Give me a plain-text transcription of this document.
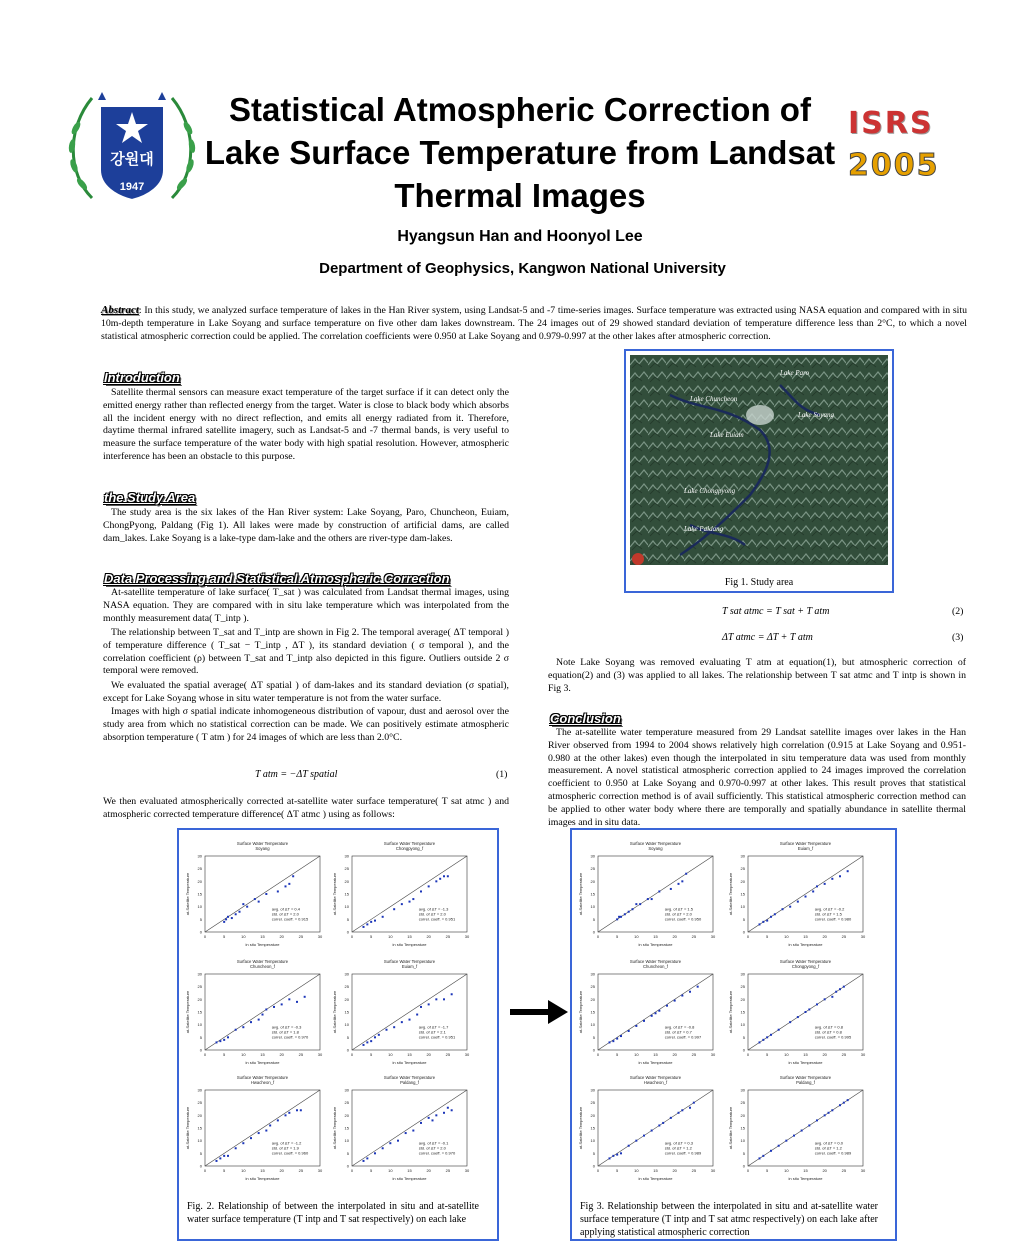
강원대
1947
Statistical Atmospheric Correction of Lake Surface Temperature from Landsat Thermal Images
Hyangsun Han and Hoonyol Lee
Department of Geophysics, Kangwon National University
ISRS
2005
Abstract: In this study, we analyzed surface temperature of lakes in the Han River system, using Landsat-5 and -7 time-series images. Surface temperature was extracted using NASA equation and compared with in situ 10m-depth temperature in Lake Soyang and surface temperature on five other dam lakes downstream. The 24 images out of 29 showed standard deviation of temperature difference less than 2°C, to which a novel statistical atmospheric correction could be applied. The correlation coefficients were 0.950 at Lake Soyang and 0.979-0.997 at the other lakes after atmospheric correction.
Introduction
Satellite thermal sensors can measure exact temperature of the target surface if it can detect only the emitted energy rather than reflected energy from the target. Water is close to black body which absorbs all the incident energy with no direct reflection, and emits all energy radiated from it. Therefore, daytime thermal infrared satellite imagery, such as Landsat-5 and -7 thermal bands, is very useful to measure the surface temperature of the water body with high spatial resolution. However, atmospheric interference has been an obstacle to this purpose.
the Study Area
The study area is the six lakes of the Han River system: Lake Soyang, Paro, Chuncheon, Euiam, ChongPyong, Paldang (Fig 1). All lakes were made by construction of artificial dams, are called dam_lakes. Lake Soyang is a lake-type dam-lake and the others are river-type dam-lakes.
Data Processing and Statistical Atmospheric Correction
At-satellite temperature of lake surface( T_sat ) was calculated from Landsat thermal images, using NASA equation. They are compared with in situ lake temperature which was interpolated from the monthly measurement data( T_intp ).
The relationship between T_sat and T_intp are shown in Fig 2. The temporal average( ΔT temporal ) of temperature difference ( T_sat − T_intp , ΔT ), its standard deviation ( σ temporal ), and the correlation coefficient (ρ) between T_sat and T_intp also depicted in this figure. Outliers outside 2 σ temporal were removed.
We evaluated the spatial average( ΔT spatial ) of dam-lakes and its standard deviation (σ spatial), except for Lake Soyang whose in situ water temperature is not from the water surface.
Images with high σ spatial indicate inhomogeneous distribution of vapour, dust and aerosol over the study area from which no statistical correction can be made. We can positively estimate atmospheric absorption temperature ( T atm ) for 24 images of which are less than 2.0°C.
T atm = −ΔT spatial	(1)
We then evaluated atmospherically corrected at-satellite water surface temperature( T sat atmc ) and atmospheric corrected temperature difference( ΔT atmc ) using as follows:
Lake Paro
Lake Chuncheon
Lake Soyang
Lake Euiam
Lake Chongpyong
Lake Paldang
Fig 1. Study area
T sat atmc = T sat + T atm	(2)
ΔT atmc = ΔT + T atm	(3)
Note Lake Soyang was removed evaluating T atm at equation(1), but atmospheric correction of equation(2) and (3) was applied to all lakes. The relationship between T sat atmc and T intp is shown in Fig 3.
Conclusion
The at-satellite water temperature measured from 29 Landsat satellite images over lakes in the Han River observed from 1994 to 2004 shows relatively high correlation (0.915 at Lake Soyang and 0.951-0.980 at the other lakes) even though the interpolated in situ temperature data was used from monthly measurement. A novel statistical atmospheric correction applied to 24 images improved the correlation coefficient to 0.950 at Lake Soyang and 0.970-0.997 at other lakes. This result proves that statistical atmospheric correction method is of avail sufficiently. This statistical atmospheric correction method can be applied to other water body where there are temporally and spatially abundance in satellite thermal images and in situ data.
Fig. 2. Relationship of between the interpolated in situ and at-satellite water surface temperature (T intp and T sat respectively) on each lake
Fig 3. Relationship between the interpolated in situ and at-satellite water surface temperature (T intp and T sat atmc respectively) on each lake after applying statistical atmospheric correction
Surface Water Temperature
Soyang
0
0
5
5
10
10
15
15
20
20
25
25
30
30
in situ Temperature
at-Satellite Temperature	avg. of ΔT = 0.4
std. of ΔT = 2.0
correl. coeff. = 0.915
Surface Water Temperature
Chongpyong_f
0
0
5
5
10
10
15
15
20
20
25
25
30
30
in situ Temperature
at-Satellite Temperature	avg. of ΔT = -1.3
std. of ΔT = 2.0
correl. coeff. = 0.951
Surface Water Temperature
Chuncheon_f
0
0
5
5
10
10
15
15
20
20
25
25
30
30
in situ Temperature
at-Satellite Temperature	avg. of ΔT = -0.3
std. of ΔT = 1.8
correl. coeff. = 0.970
Surface Water Temperature
Euiam_f
0
0
5
5
10
10
15
15
20
20
25
25
30
30
in situ Temperature
at-Satellite Temperature	avg. of ΔT = -1.7
std. of ΔT = 2.1
correl. coeff. = 0.951
Surface Water Temperature
Hwacheon_f
0
0
5
5
10
10
15
15
20
20
25
25
30
30
in situ Temperature
at-Satellite Temperature	avg. of ΔT = -1.2
std. of ΔT = 1.9
correl. coeff. = 0.960
Surface Water Temperature
Paldang_f
0
0
5
5
10
10
15
15
20
20
25
25
30
30
in situ Temperature
at-Satellite Temperature	avg. of ΔT = -0.1
std. of ΔT = 2.0
correl. coeff. = 0.970
Surface Water Temperature
Soyang
0
0
5
5
10
10
15
15
20
20
25
25
30
30
in situ Temperature
at-Satellite Temperature	avg. of ΔT = 1.5
std. of ΔT = 2.0
correl. coeff. = 0.950
Surface Water Temperature
Euiam_f
0
0
5
5
10
10
15
15
20
20
25
25
30
30
in situ Temperature
at-Satellite Temperature	avg. of ΔT = -0.2
std. of ΔT = 1.5
correl. coeff. = 0.980
Surface Water Temperature
Chuncheon_f
0
0
5
5
10
10
15
15
20
20
25
25
30
30
in situ Temperature
at-Satellite Temperature	avg. of ΔT = -0.8
std. of ΔT = 0.7
correl. coeff. = 0.997
Surface Water Temperature
Chongpyong_f
0
0
5
5
10
10
15
15
20
20
25
25
30
30
in situ Temperature
at-Satellite Temperature	avg. of ΔT = 0.8
std. of ΔT = 0.8
correl. coeff. = 0.995
Surface Water Temperature
Hwacheon_f
0
0
5
5
10
10
15
15
20
20
25
25
30
30
in situ Temperature
at-Satellite Temperature	avg. of ΔT = 0.3
std. of ΔT = 1.2
correl. coeff. = 0.989
Surface Water Temperature
Paldang_f
0
0
5
5
10
10
15
15
20
20
25
25
30
30
in situ Temperature
at-Satellite Temperature	avg. of ΔT = 0.0
std. of ΔT = 1.2
correl. coeff. = 0.989
